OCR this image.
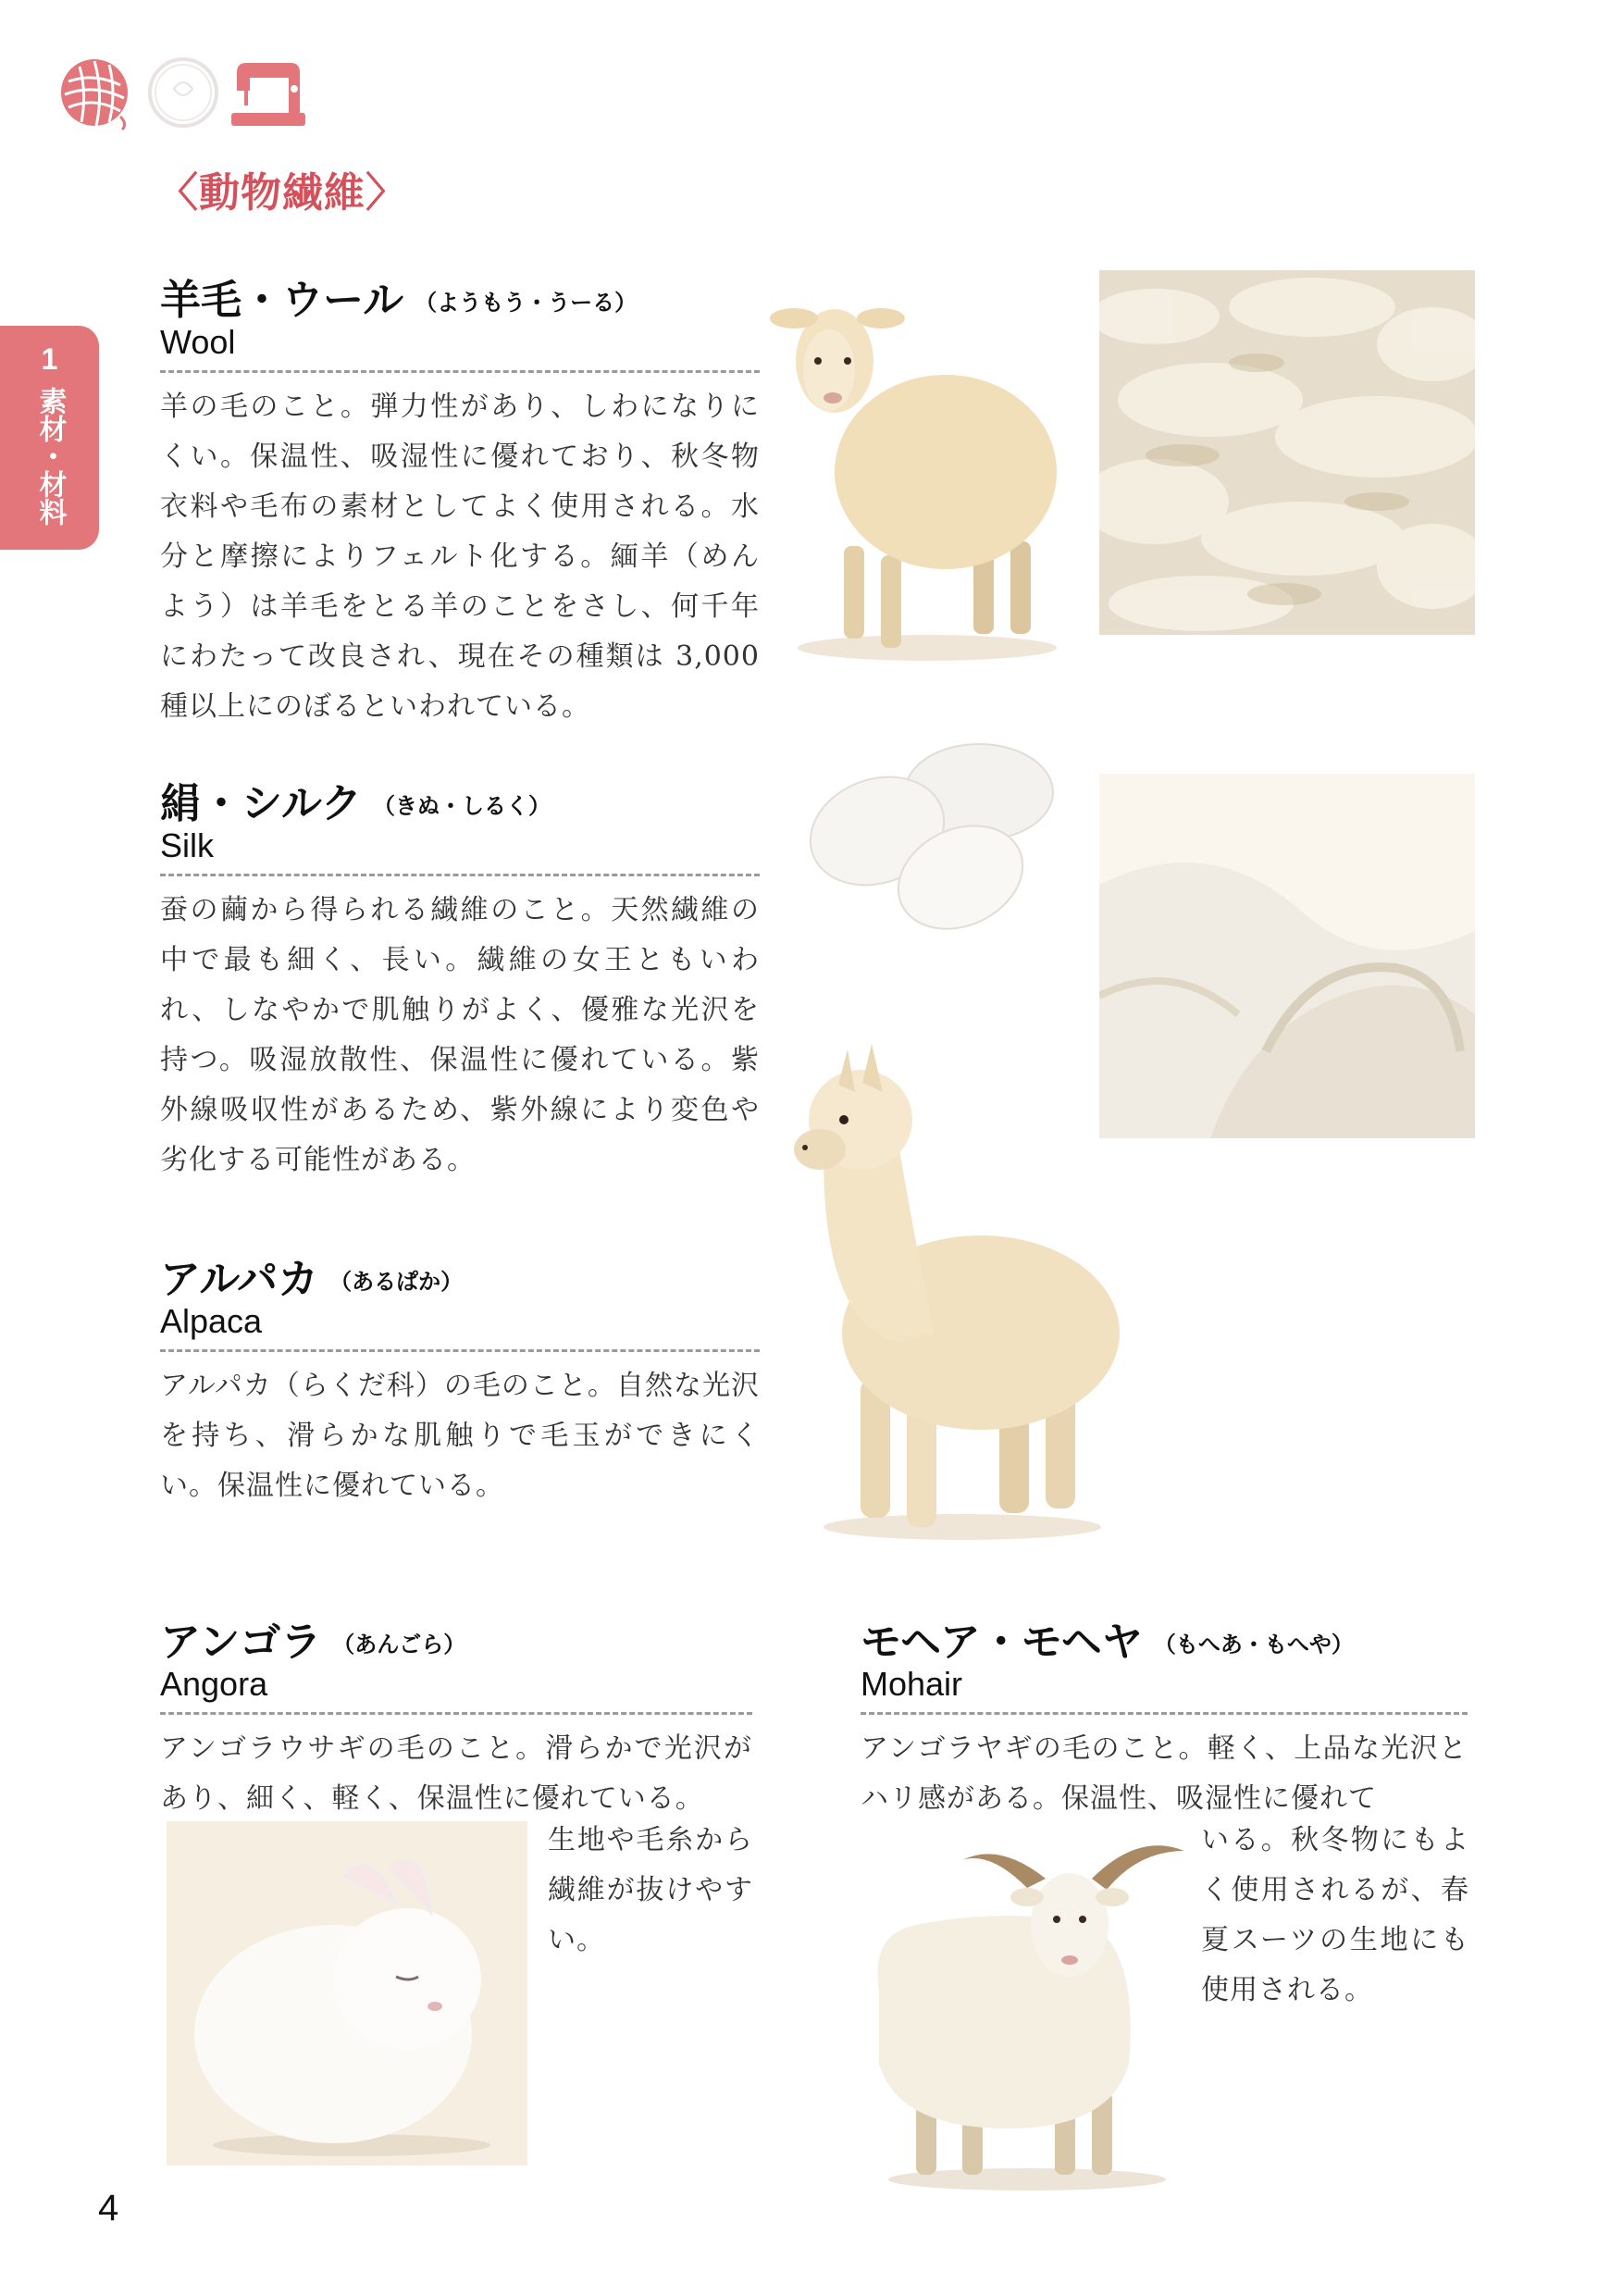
1
素材・材料
〈動物繊維〉
羊毛・ウール （ようもう・うーる）
Wool
羊の毛のこと。弾力性があり、しわになりにくい。保温性、吸湿性に優れており、秋冬物衣料や毛布の素材としてよく使用される。水分と摩擦によりフェルト化する。緬羊（めんよう）は羊毛をとる羊のことをさし、何千年にわたって改良され、現在その種類は 3,000 種以上にのぼるといわれている。
絹・シルク （きぬ・しるく）
Silk
蚕の繭から得られる繊維のこと。天然繊維の中で最も細く、長い。繊維の女王ともいわれ、しなやかで肌触りがよく、優雅な光沢を持つ。吸湿放散性、保温性に優れている。紫外線吸収性があるため、紫外線により変色や劣化する可能性がある。
アルパカ （あるぱか）
Alpaca
アルパカ（らくだ科）の毛のこと。自然な光沢を持ち、滑らかな肌触りで毛玉ができにくい。保温性に優れている。
アンゴラ （あんごら）
Angora
アンゴラウサギの毛のこと。滑らかで光沢があり、細く、軽く、保温性に優れている。
生地や毛糸から繊維が抜けやすい。
モヘア・モヘヤ （もへあ・もへや）
Mohair
アンゴラヤギの毛のこと。軽く、上品な光沢とハリ感がある。保温性、吸湿性に優れて
いる。秋冬物にもよく使用されるが、春夏スーツの生地にも使用される。
4
